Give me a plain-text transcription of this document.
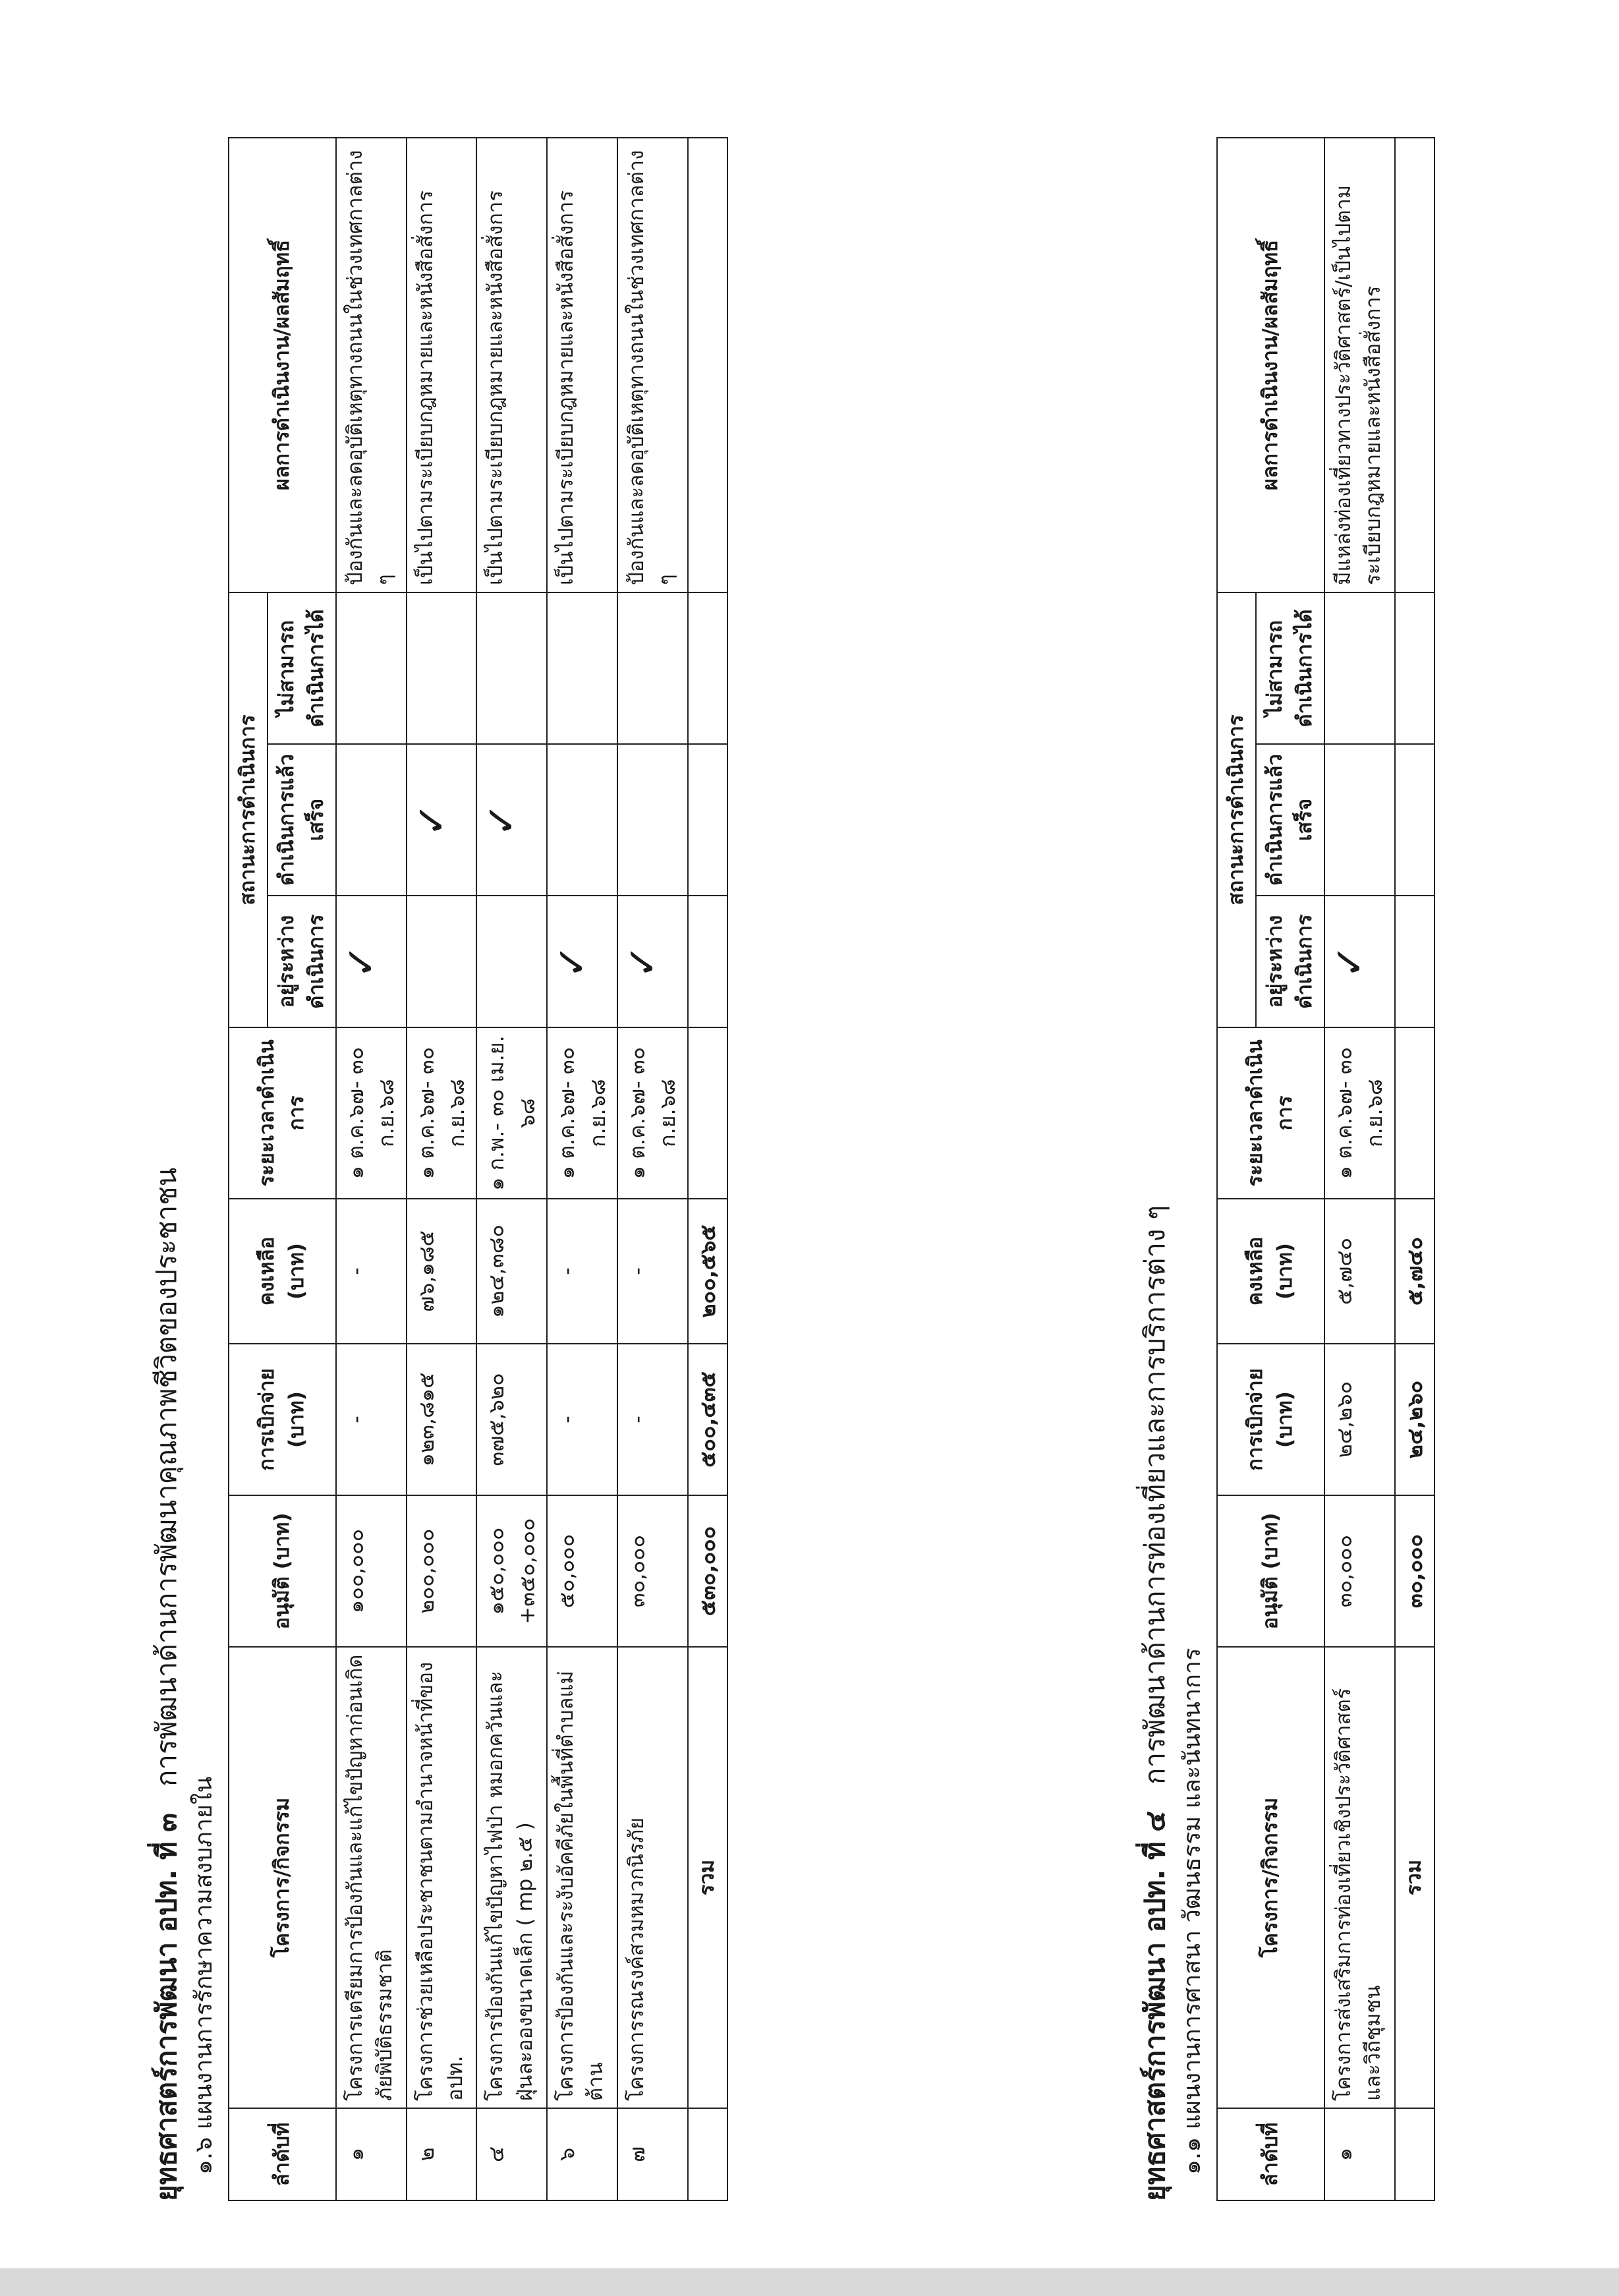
ยุทธศาสตร์การพัฒนา อปท. ที่ ๓   การพัฒนาด้านการพัฒนาคุณภาพชีวิตของประชาชน
๑.๖ แผนงานการรักษาความสงบภายใน	ลำดับที่	โครงการ/กิจกรรม	อนุมัติ (บาท)	การเบิกจ่าย (บาท)	คงเหลือ (บาท)	ระยะเวลาดำเนินการ	สถานะการดำเนินการ			ผลการดำเนินงาน/ผลสัมฤทธิ์
						อยู่ระหว่างดำเนินการ	ดำเนินการแล้วเสร็จ	ไม่สามารถดำเนินการได้	
๑	โครงการเตรียมการป้องกันและแก้ไขปัญหาก่อนเกิดภัยพิบัติธรรมชาติ	๑๐๐,๐๐๐	-	-	๑ ต.ค.๖๗- ๓๐ ก.ย.๖๘	✓			ป้องกันและลดอุบัติเหตุทางถนนในช่วงเทศกาลต่าง ๆ
๒	โครงการช่วยเหลือประชาชนตามอำนาจหน้าที่ของ อปท.	๒๐๐,๐๐๐	๑๒๓,๘๑๕	๗๖,๑๘๕	๑ ต.ค.๖๗- ๓๐ ก.ย.๖๘		✓		เป็นไปตามระเบียบกฎหมายและหนังสือสั่งการ
๔	โครงการป้องกันแก้ไขปัญหาไฟป่า หมอกควันและฝุ่นละอองขนาดเล็ก ( mp ๒.๕ )	๑๕๐,๐๐๐ +๓๕๐,๐๐๐	๓๗๕,๖๒๐	๑๒๔,๓๘๐	๑ ก.พ.- ๓๐ เม.ย. ๖๘		✓		เป็นไปตามระเบียบกฎหมายและหนังสือสั่งการ
๖	โครงการป้องกันและระงับอัคคีภัยในพื้นที่ตำบลแม่ต้าน	๕๐,๐๐๐	-	-	๑ ต.ค.๖๗- ๓๐ ก.ย.๖๘	✓			เป็นไปตามระเบียบกฎหมายและหนังสือสั่งการ
๗	โครงการรณรงค์สวมหมวกนิรภัย	๓๐,๐๐๐	-	-	๑ ต.ค.๖๗- ๓๐ ก.ย.๖๘	✓			ป้องกันและลดอุบัติเหตุทางถนนในช่วงเทศกาลต่าง ๆ
	รวม	๕๓๐,๐๐๐	๕๐๐,๔๓๕	๒๐๐,๕๖๕					
ยุทธศาสตร์การพัฒนา อปท. ที่ ๔   การพัฒนาด้านการท่องเที่ยวและการบริการต่าง ๆ
๑.๑ แผนงานการศาสนา วัฒนธรรม และนันทนาการ	ลำดับที่	โครงการ/กิจกรรม	อนุมัติ (บาท)	การเบิกจ่าย (บาท)	คงเหลือ (บาท)	ระยะเวลาดำเนินการ	สถานะการดำเนินการ			ผลการดำเนินงาน/ผลสัมฤทธิ์
						อยู่ระหว่างดำเนินการ	ดำเนินการแล้วเสร็จ	ไม่สามารถดำเนินการได้	
๑	โครงการส่งเสริมการท่องเที่ยวเชิงประวัติศาสตร์และวิถีชุมชน	๓๐,๐๐๐	๒๔,๒๖๐	๕,๗๔๐	๑ ต.ค.๖๗- ๓๐ ก.ย.๖๘	✓			มีแหล่งท่องเที่ยวทางประวัติศาสตร์/เป็นไปตามระเบียบกฎหมายและหนังสือสั่งการ
	รวม	๓๐,๐๐๐	๒๔,๒๖๐	๕,๗๔๐					
